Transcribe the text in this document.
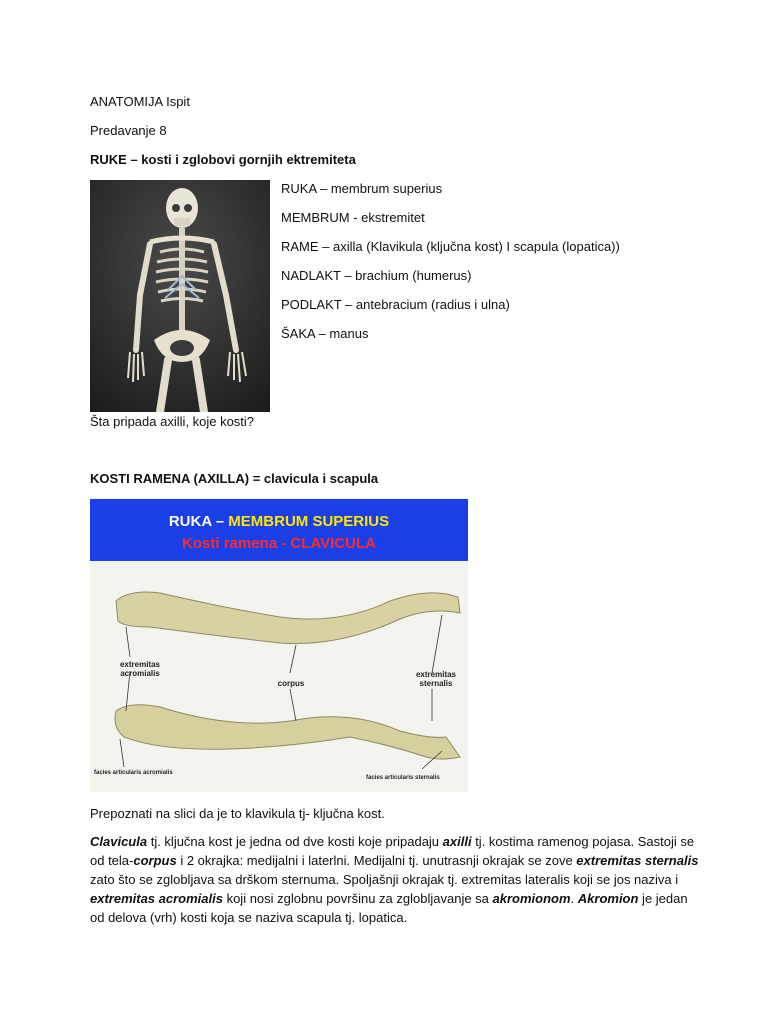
ANATOMIJA Ispit
Predavanje 8
RUKE – kosti i zglobovi gornjih ektremiteta
RUKA – membrum superius
MEMBRUM - ekstremitet
RAME – axilla (Klavikula (ključna kost) I scapula (lopatica))
NADLAKT – brachium (humerus)
PODLAKT – antebracium (radius i ulna)
ŠAKA – manus
Šta pripada axilli, koje kosti?
KOSTI RAMENA (AXILLA) = clavicula i scapula
RUKA – MEMBRUM SUPERIUS
Kosti ramena - CLAVICULA
extremitas acromialis
corpus
extremitas sternalis
facies articularis acromialis
facies articularis sternalis
Prepoznati na slici da je to klavikula tj- ključna kost.
Clavicula tj. ključna kost je jedna od dve kosti koje pripadaju axilli tj. kostima ramenog pojasa. Sastoji se od tela-corpus i 2 okrajka: medijalni i laterlni. Medijalni tj. unutrasnji okrajak se zove extremitas sternalis zato što se zglobljava sa drškom sternuma. Spoljašnji okrajak tj. extremitas lateralis koji se jos naziva i extremitas acromialis koji nosi zglobnu površinu za zglobljavanje sa akromionom. Akromion je jedan od delova (vrh) kosti koja se naziva scapula tj. lopatica.
